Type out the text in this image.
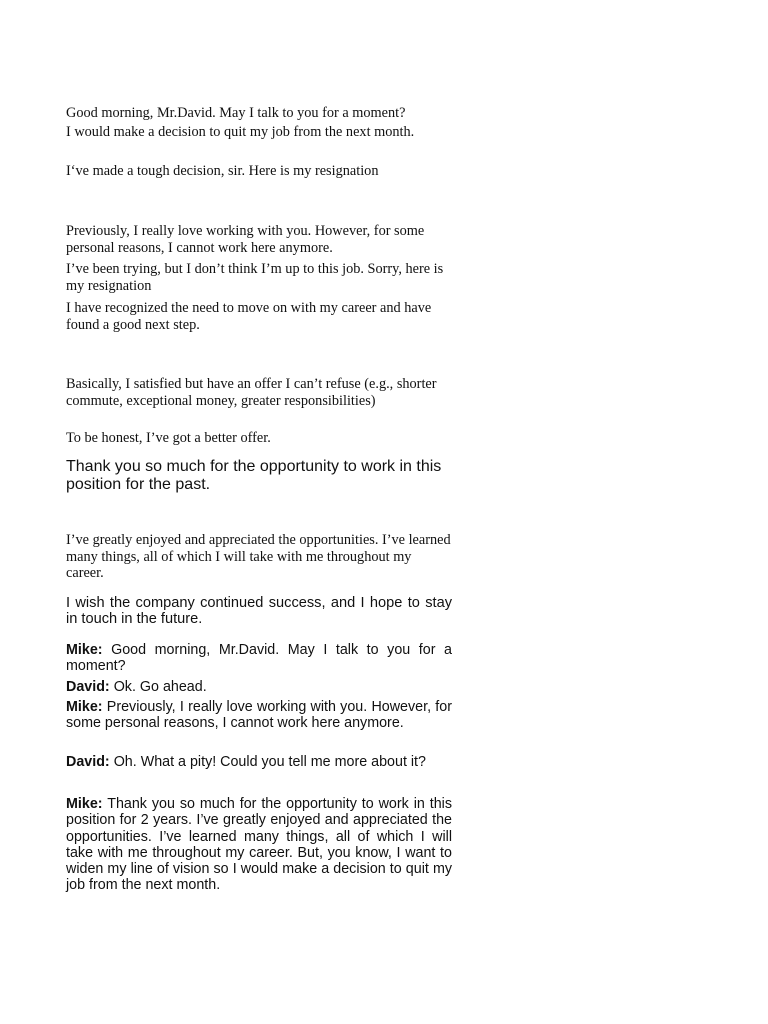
Good morning, Mr.David. May I talk to you for a moment?

I would make a decision to quit my job from the next month.

I‘ve made a tough decision, sir. Here is my resignation

Previously, I really love working with you. However, for some personal reasons, I cannot work here anymore.

I’ve been trying, but I don’t think I’m up to this job. Sorry, here is my resignation

I have recognized the need to move on with my career and have found a good next step.

Basically, I satisfied but have an offer I can’t refuse (e.g., shorter commute, exceptional money, greater responsibilities)

To be honest, I’ve got a better offer.

Thank you so much for the opportunity to work in this position for the past.

I’ve greatly enjoyed and appreciated the opportunities. I’ve learned many things, all of which I will take with me throughout my career.

I wish the company continued success, and I hope to stay in touch in the future.

Mike: Good morning, Mr.David. May I talk to you for a moment?

David: Ok. Go ahead.

Mike: Previously, I really love working with you. However, for some personal reasons, I cannot work here anymore.

David: Oh. What a pity! Could you tell me more about it?

Mike: Thank you so much for the opportunity to work in this position for 2 years. I’ve greatly enjoyed and appreciated the opportunities. I’ve learned many things, all of which I will take with me throughout my career. But, you know, I want to widen my line of vision so I would make a decision to quit my job from the next month.
